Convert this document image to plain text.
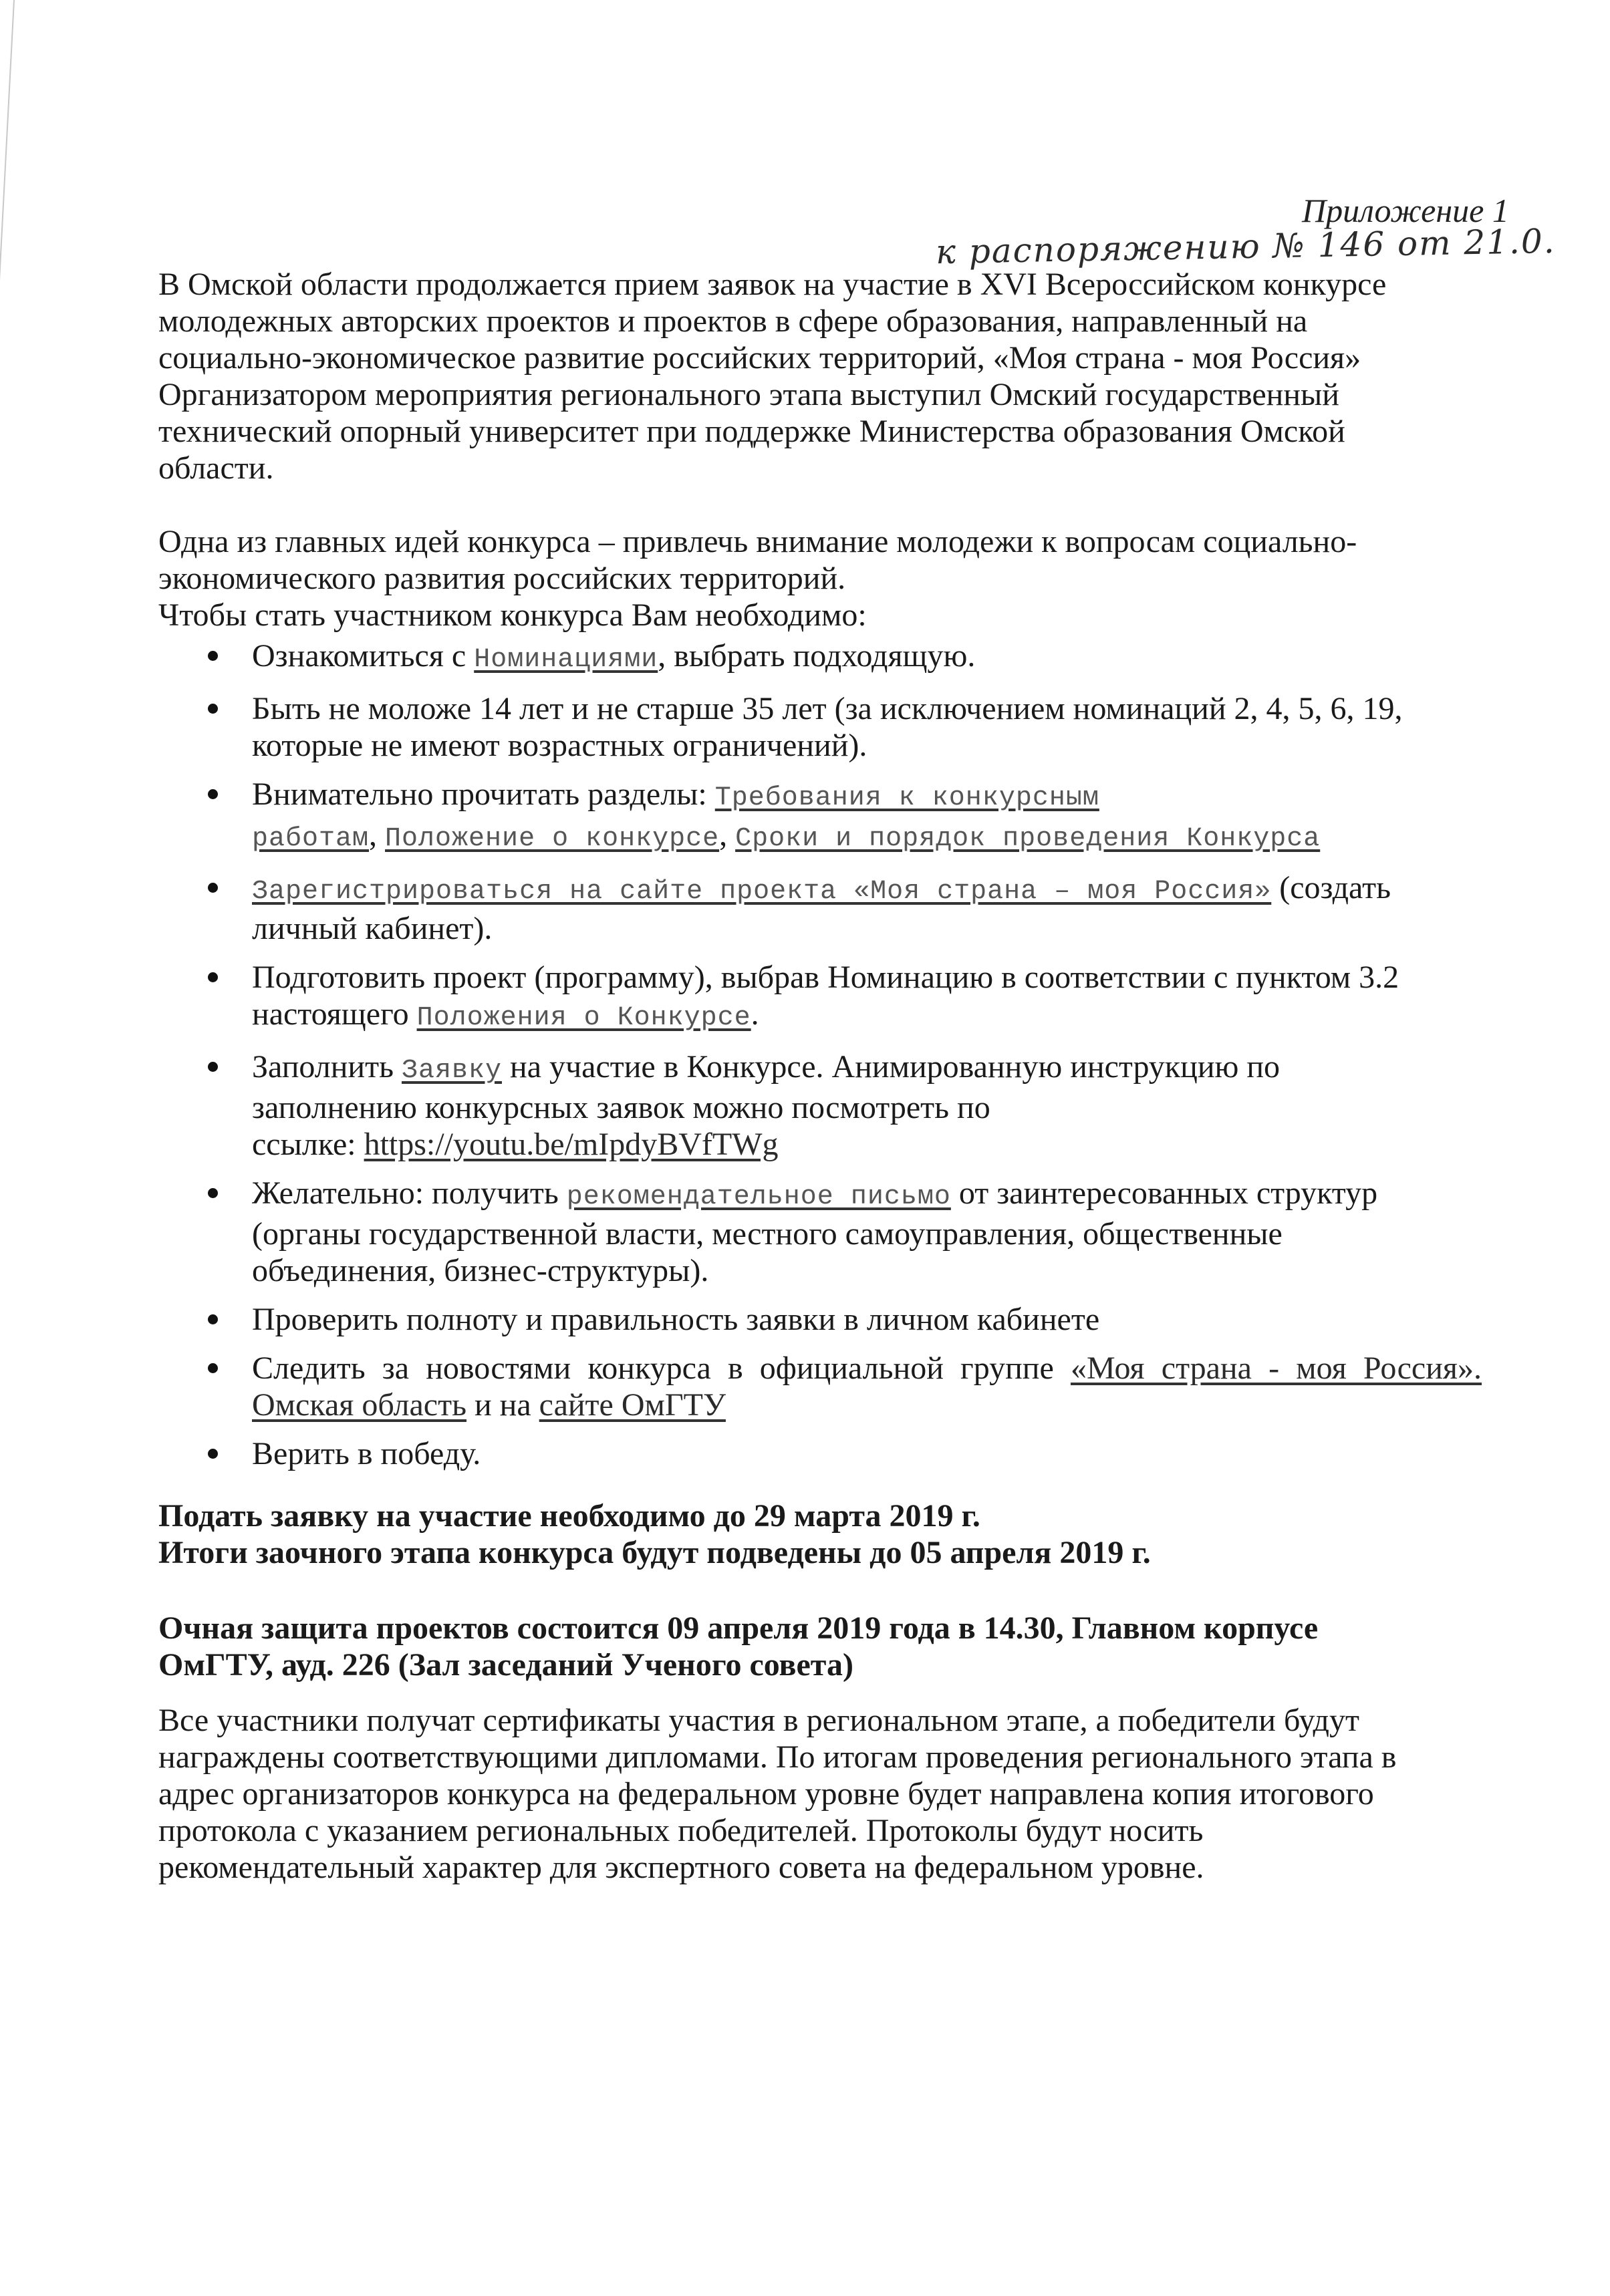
Приложение 1
к распоряжению № 146 от 21.0.

В Омской области продолжается прием заявок на участие в XVI Всероссийском конкурсе

молодежных авторских проектов и проектов в сфере образования, направленный на

социально-экономическое развитие российских территорий, «Моя страна - моя Россия»

Организатором мероприятия регионального этапа выступил Омский государственный

технический опорный университет при поддержке Министерства образования Омской

области.

Одна из главных идей конкурса – привлечь внимание молодежи к вопросам социально-

экономического развития российских территорий.

Чтобы стать участником конкурса Вам необходимо:

Ознакомиться с Номинациями, выбрать подходящую.
Быть не моложе 14 лет и не старше 35 лет (за исключением номинаций 2, 4, 5, 6, 19,
которые не имеют возрастных ограничений).
Внимательно прочитать разделы: Требования к конкурсным
работам, Положение о конкурсе, Сроки и порядок проведения Конкурса
Зарегистрироваться на сайте проекта «Моя страна – моя Россия» (создать
личный кабинет).
Подготовить проект (программу), выбрав Номинацию в соответствии с пунктом 3.2
настоящего Положения о Конкурсе.
Заполнить Заявку на участие в Конкурсе. Анимированную инструкцию по
заполнению конкурсных заявок можно посмотреть по
ссылке: https://youtu.be/mIpdyBVfTWg
Желательно: получить рекомендательное письмо от заинтересованных структур
(органы государственной власти, местного самоуправления, общественные
объединения, бизнес-структуры).
Проверить полноту и правильность заявки в личном кабинете
Следить за новостями конкурса в официальной группе «Моя страна - моя Россия».
Омская область и на сайте ОмГТУ
Верить в победу.

Подать заявку на участие необходимо до 29 марта 2019 г.

Итоги заочного этапа конкурса будут подведены до 05 апреля 2019 г.

Очная защита проектов состоится 09 апреля 2019 года в 14.30, Главном корпусе

ОмГТУ, ауд. 226 (Зал заседаний Ученого совета)

Все участники получат сертификаты участия в региональном этапе, а победители будут

награждены соответствующими дипломами. По итогам проведения регионального этапа в

адрес организаторов конкурса на федеральном уровне будет направлена копия итогового

протокола с указанием региональных победителей. Протоколы будут носить

рекомендательный характер для экспертного совета на федеральном уровне.
